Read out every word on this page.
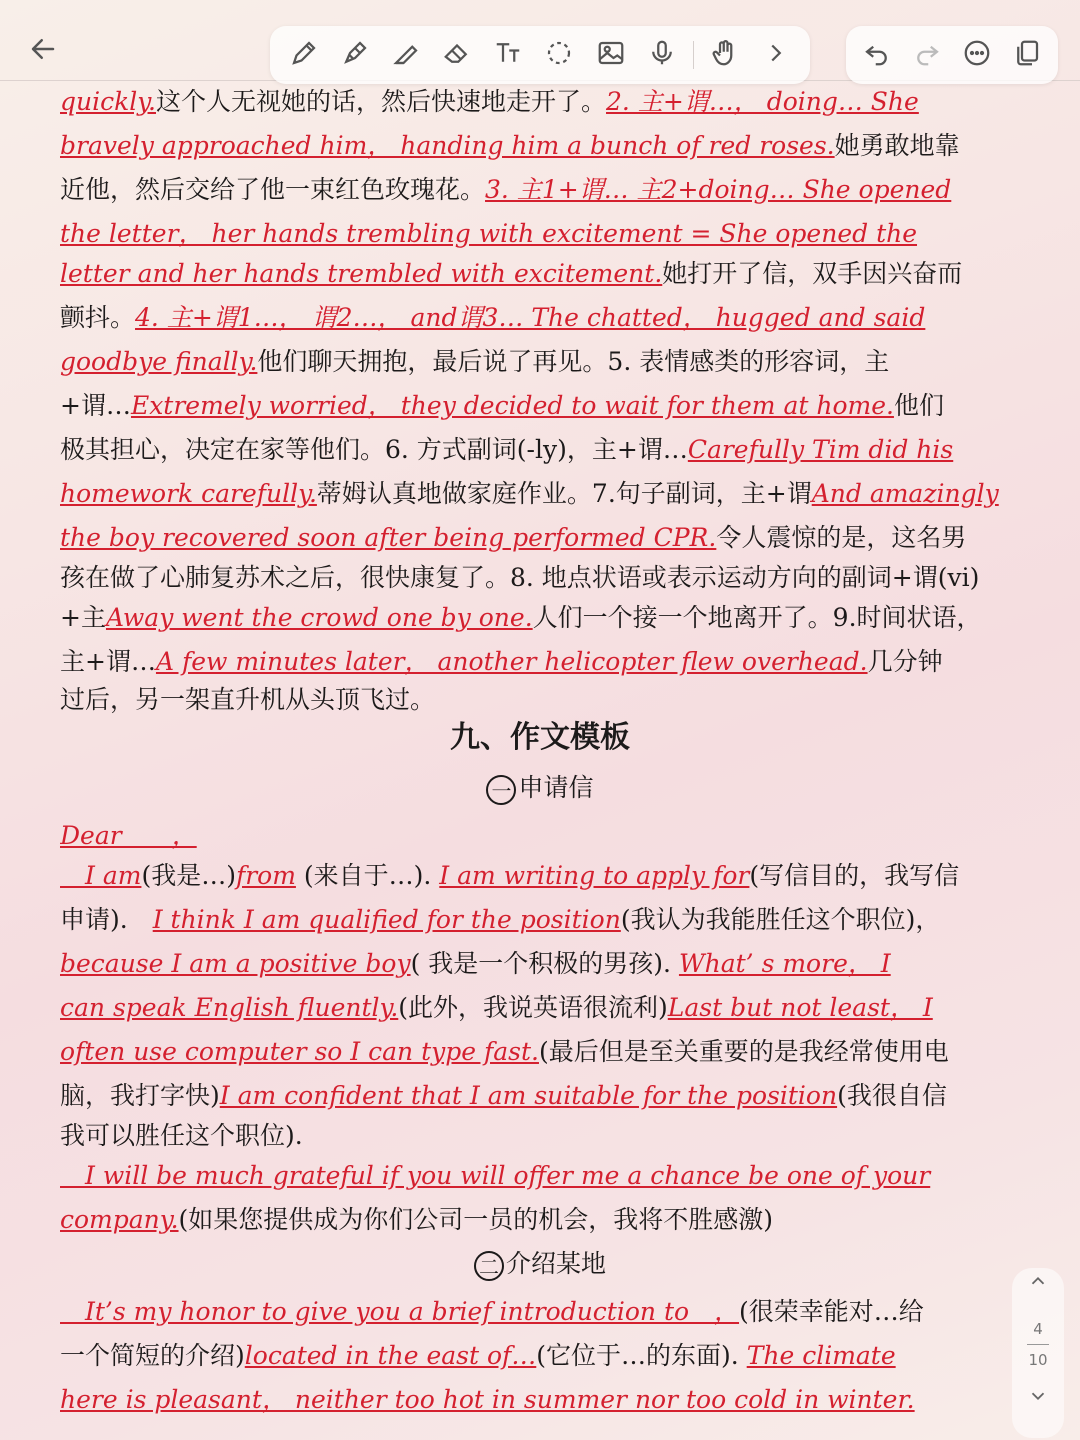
quickly.这个人无视她的话，然后快速地走开了。2. 主+谓…， doing… She
bravely approached him， handing him a bunch of red roses.她勇敢地靠
近他，然后交给了他一束红色玫瑰花。3. 主1+谓… 主2+doing… She opened
the letter， her hands trembling with excitement = She opened the
letter and her hands trembled with excitement.她打开了信，双手因兴奋而
颤抖。4. 主+谓1…， 谓2…， and谓3… The chatted， hugged and said
goodbye finally.他们聊天拥抱，最后说了再见。5. 表情感类的形容词，主
+谓…Extremely worried， they decided to wait for them at home.他们
极其担心，决定在家等他们。6. 方式副词(-ly)，主+谓…Carefully Tim did his
homework carefully.蒂姆认真地做家庭作业。7.句子副词，主+谓And amazingly
the boy recovered soon after being performed CPR.令人震惊的是，这名男
孩在做了心肺复苏术之后，很快康复了。8. 地点状语或表示运动方向的副词+谓(vi)
+主Away went the crowd one by one.人们一个接一个地离开了。9.时间状语，
主+谓…A few minutes later， another helicopter flew overhead.几分钟
过后，另一架直升机从头顶飞过。
九、作文模板
一 申请信
Dear　　，
　I am(我是…)from (来自于…). I am writing to apply for(写信目的，我写信
申请).　I think I am qualified for the position(我认为我能胜任这个职位)，
because I am a positive boy( 我是一个积极的男孩). What’ s more， I
can speak English fluently.(此外，我说英语很流利)Last but not least， I
often use computer so I can type fast.(最后但是至关重要的是我经常使用电
脑，我打字快)I am confident that I am suitable for the position(我很自信
我可以胜任这个职位).
　I will be much grateful if you will offer me a chance be one of your
company.(如果您提供成为你们公司一员的机会，我将不胜感激)
二 介绍某地
　It’s my honor to give you a brief introduction to　，(很荣幸能对…给
一个简短的介绍)located in the east of…(它位于…的东面). The climate
here is pleasant， neither too hot in summer nor too cold in winter.
4
10
